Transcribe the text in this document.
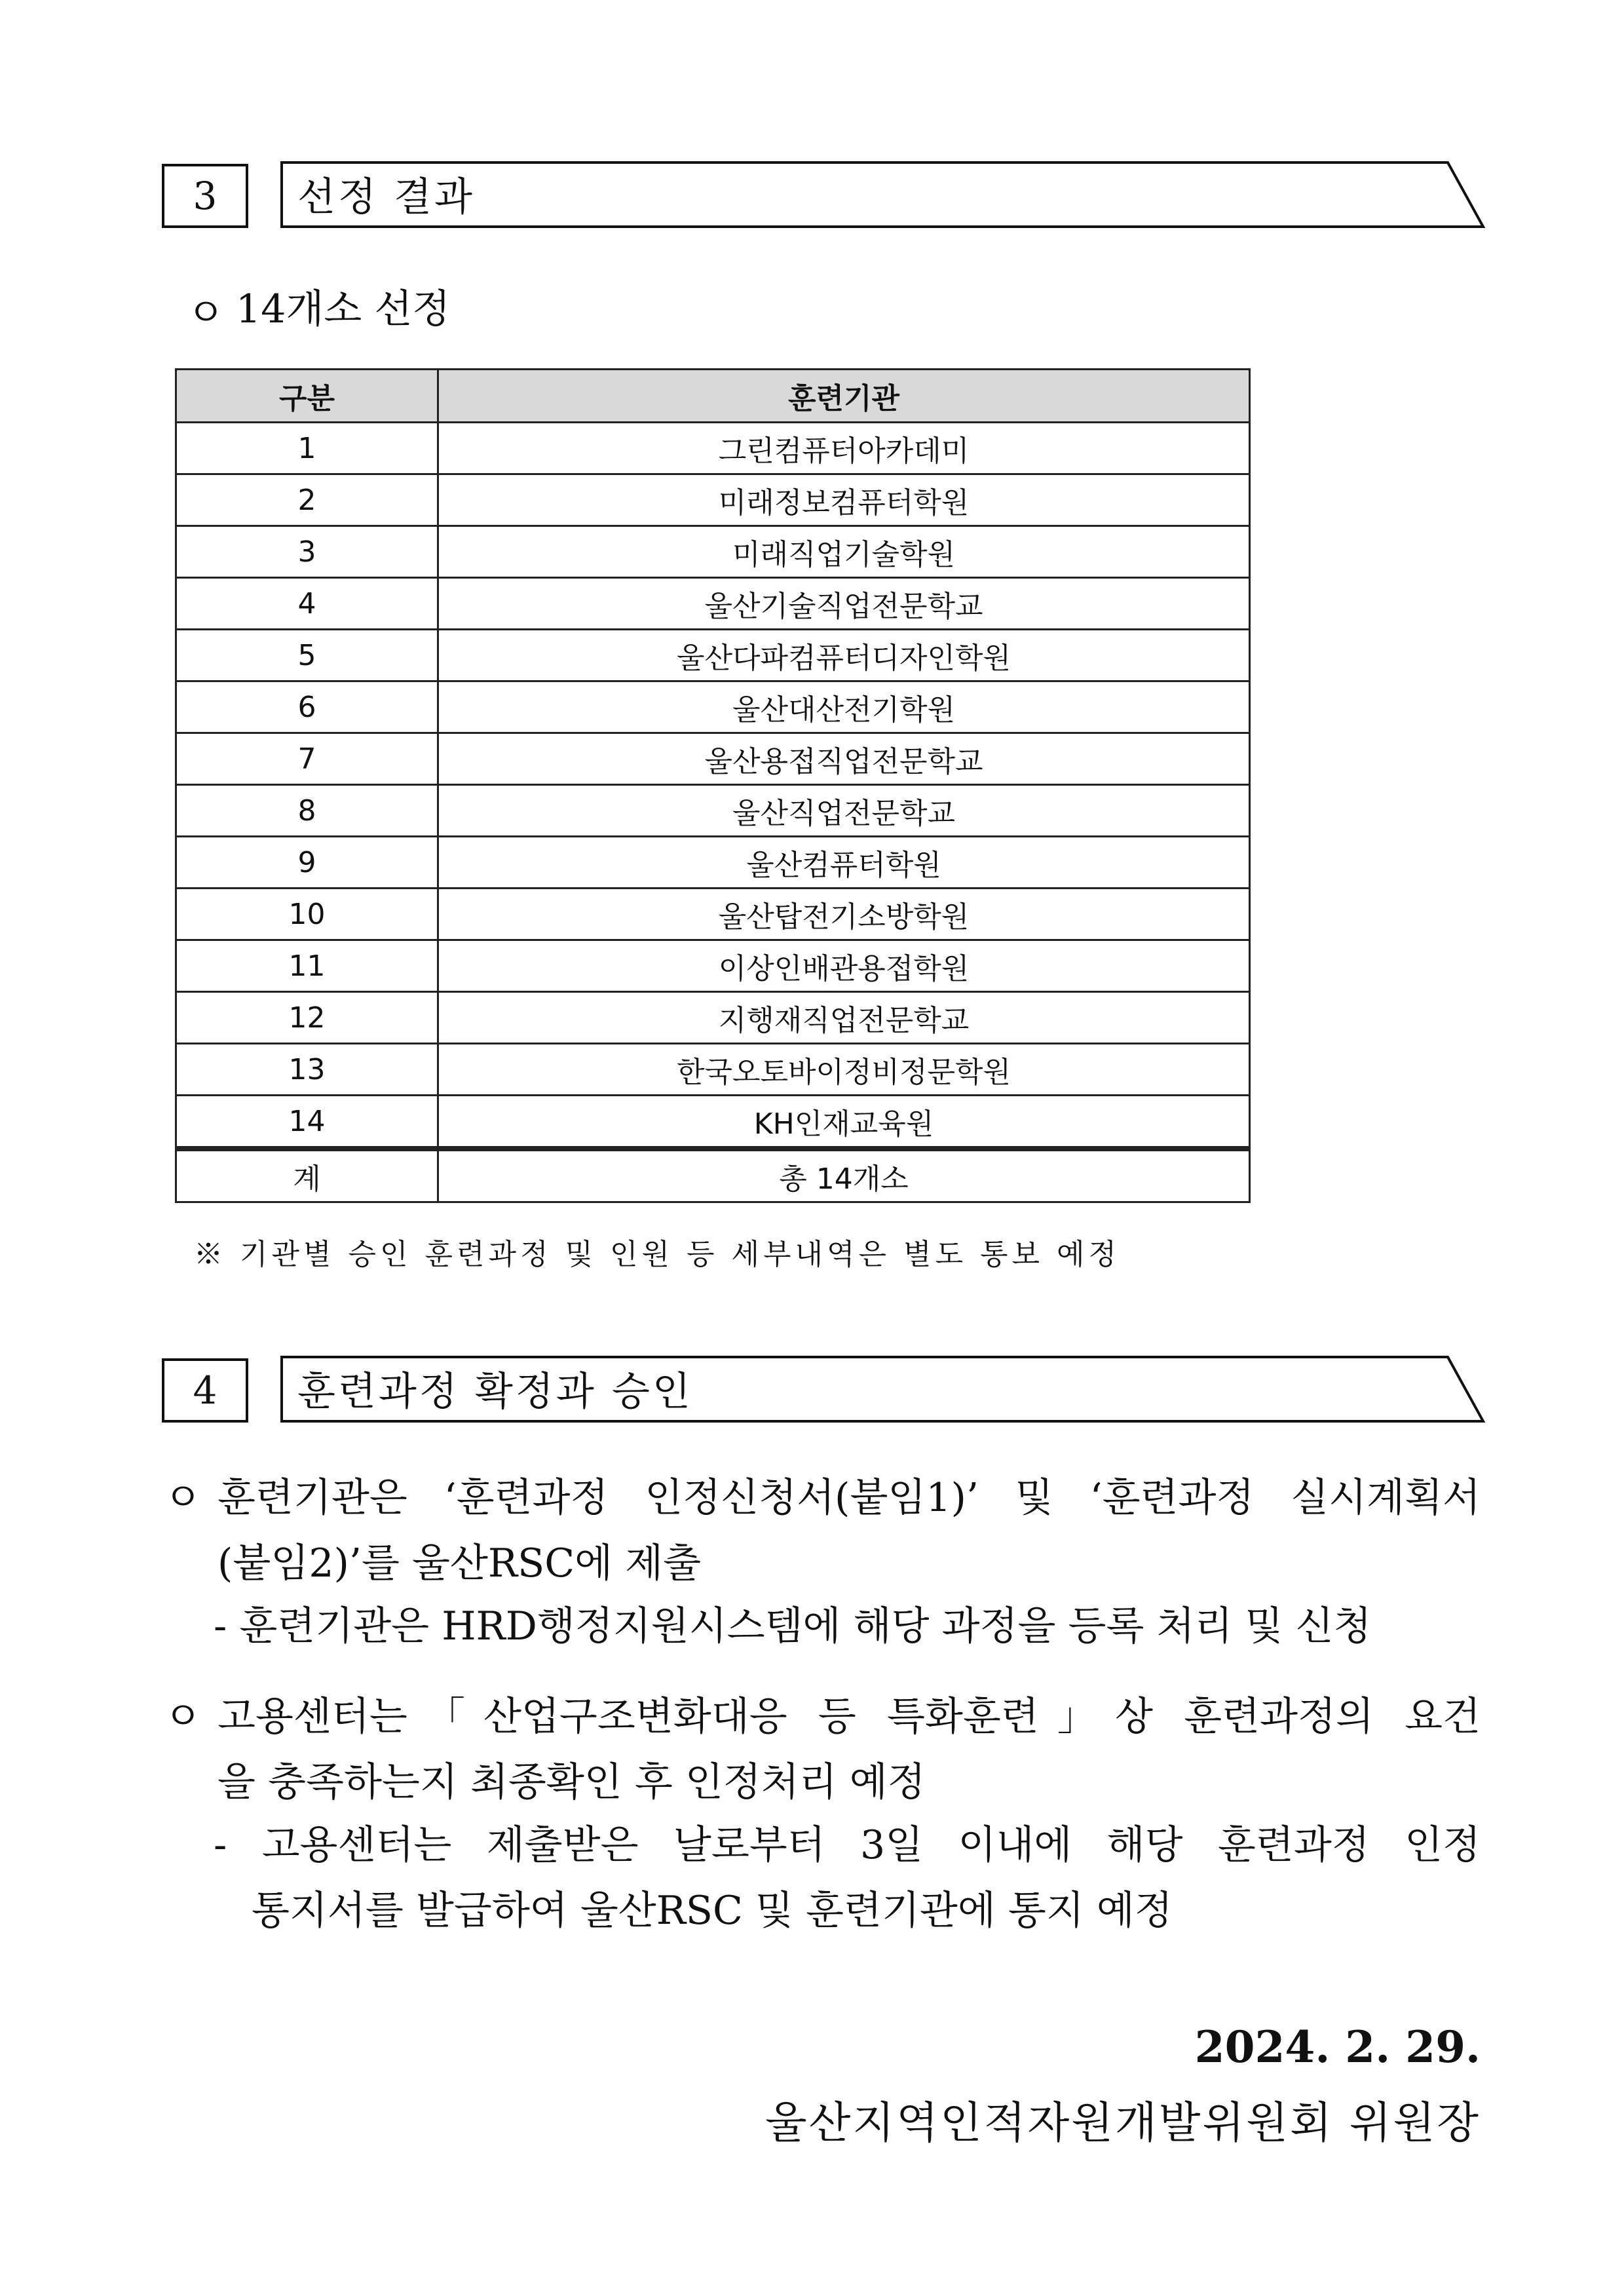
3	선정 결과
ㅇ 14개소 선정
구분	훈련기관
1	그린컴퓨터아카데미
2	미래정보컴퓨터학원
3	미래직업기술학원
4	울산기술직업전문학교
5	울산다파컴퓨터디자인학원
6	울산대산전기학원
7	울산용접직업전문학교
8	울산직업전문학교
9	울산컴퓨터학원
10	울산탑전기소방학원
11	이상인배관용접학원
12	지행재직업전문학교
13	한국오토바이정비정문학원
14	KH인재교육원
계	총 14개소
※ 기관별 승인 훈련과정 및 인원 등 세부내역은 별도 통보 예정
4	훈련과정 확정과 승인
ㅇ 훈련기관은 ‘훈련과정 인정신청서(붙임1)’ 및 ‘훈련과정 실시계획서
(붙임2)’를 울산RSC에 제출
- 훈련기관은 HRD행정지원시스템에 해당 과정을 등록 처리 및 신청
ㅇ 고용센터는「산업구조변화대응 등 특화훈련」상 훈련과정의 요건
을 충족하는지 최종확인 후 인정처리 예정
- 고용센터는 제출받은 날로부터 3일 이내에 해당 훈련과정 인정
통지서를 발급하여 울산RSC 및 훈련기관에 통지 예정
2024. 2. 29.
울산지역인적자원개발위원회 위원장
